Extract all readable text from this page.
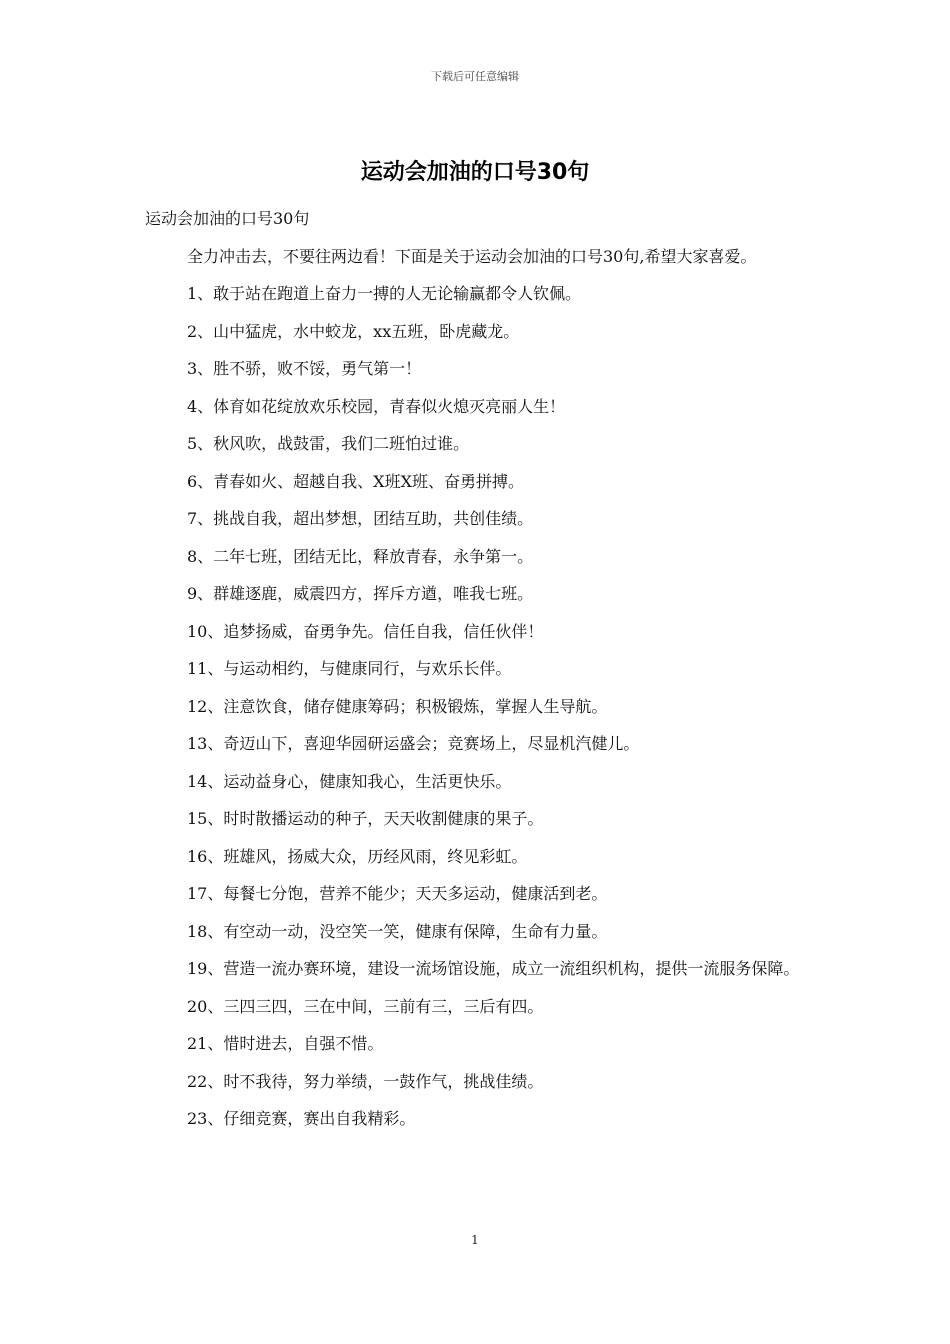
下载后可任意编辑
运动会加油的口号30句

运动会加油的口号30句

全力冲击去，不要往两边看！下面是关于运动会加油的口号30句,希望大家喜爱。

1、敢于站在跑道上奋力一搏的人无论输赢都令人钦佩。

2、山中猛虎，水中蛟龙，xx五班，卧虎藏龙。

3、胜不骄，败不馁，勇气第一！

4、体育如花绽放欢乐校园，青春似火熄灭亮丽人生！

5、秋风吹，战鼓雷，我们二班怕过谁。

6、青春如火、超越自我、X班X班、奋勇拼搏。

7、挑战自我，超出梦想，团结互助，共创佳绩。

8、二年七班，团结无比，释放青春，永争第一。

9、群雄逐鹿，威震四方，挥斥方遒，唯我七班。

10、追梦扬威，奋勇争先。信任自我，信任伙伴！

11、与运动相约，与健康同行，与欢乐长伴。

12、注意饮食，储存健康筹码；积极锻炼，掌握人生导航。

13、奇迈山下，喜迎华园研运盛会；竞赛场上，尽显机汽健儿。

14、运动益身心，健康知我心，生活更快乐。

15、时时散播运动的种子，天天收割健康的果子。

16、班雄风，扬威大众，历经风雨，终见彩虹。

17、每餐七分饱，营养不能少；天天多运动，健康活到老。

18、有空动一动，没空笑一笑，健康有保障，生命有力量。

19、营造一流办赛环境，建设一流场馆设施，成立一流组织机构，提供一流服务保障。

20、三四三四，三在中间，三前有三，三后有四。

21、惜时进去，自强不惜。

22、时不我待，努力举绩，一鼓作气，挑战佳绩。

23、仔细竞赛，赛出自我精彩。

1
